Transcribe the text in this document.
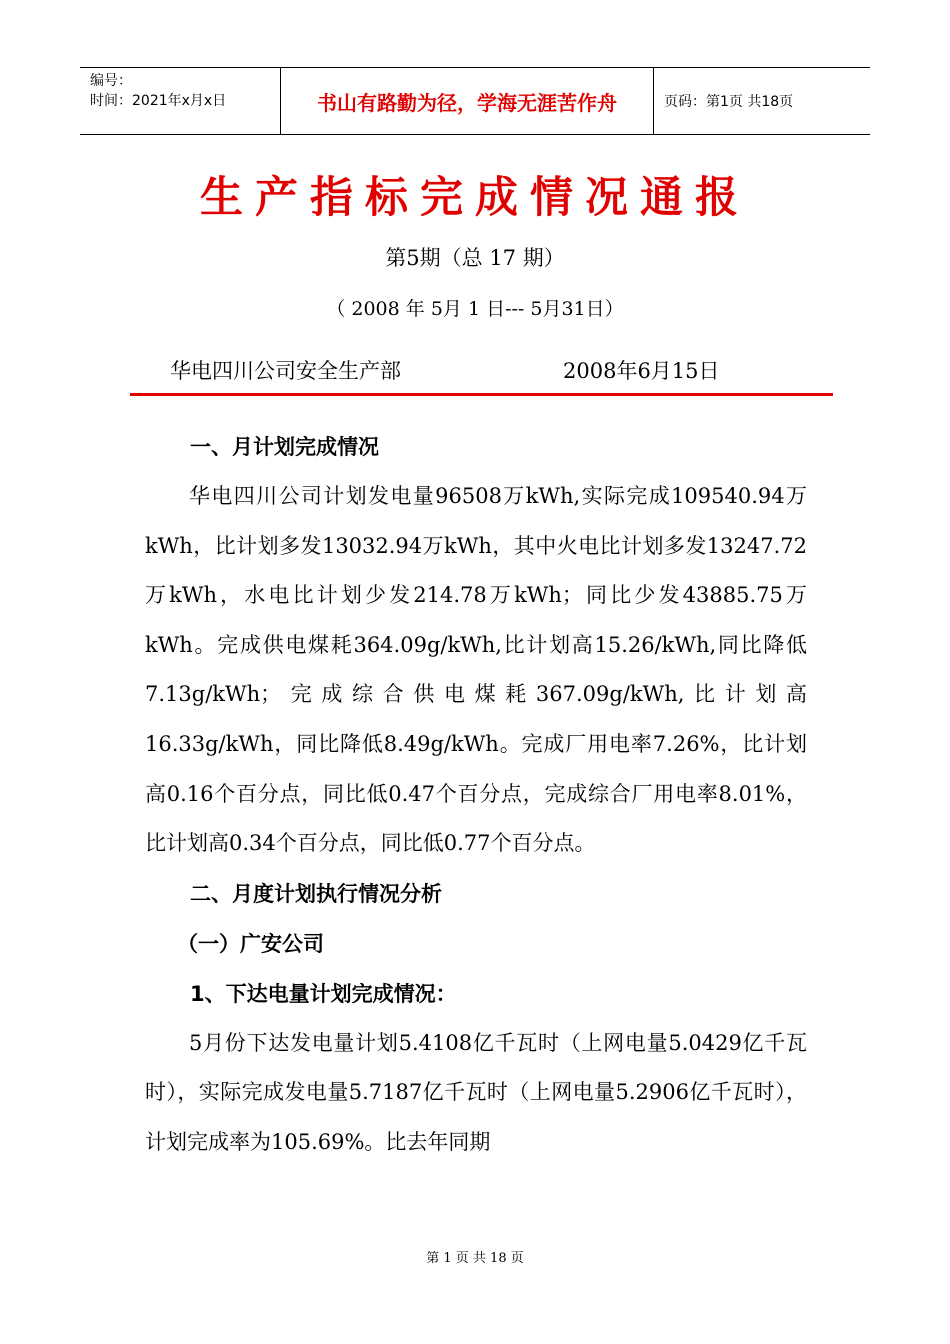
编号：
时间：2021年x月x日	书山有路勤为径，学海无涯苦作舟	页码：第1页 共18页
生产指标完成情况通报
第5期（总 17 期）
（ 2008 年 5月 1 日--- 5月31日）
华电四川公司安全生产部	2008年6月15日

一、月计划完成情况

华电四川公司计划发电量96508万kWh,实际完成109540.94万kWh，比计划多发13032.94万kWh，其中火电比计划多发13247.72万kWh，水电比计划少发214.78万kWh；同比少发43885.75万kWh。完成供电煤耗364.09g/kWh,比计划高15.26/kWh,同比降低7.13g/kWh；完成综合供电煤耗367.09g/kWh,比计划高16.33g/kWh，同比降低8.49g/kWh。完成厂用电率7.26%，比计划高0.16个百分点，同比低0.47个百分点，完成综合厂用电率8.01%，比计划高0.34个百分点，同比低0.77个百分点。

二、月度计划执行情况分析

（一）广安公司

1、下达电量计划完成情况：

5月份下达发电量计划5.4108亿千瓦时（上网电量5.0429亿千瓦时），实际完成发电量5.7187亿千瓦时（上网电量5.2906亿千瓦时），计划完成率为105.69%。比去年同期

第 1 页 共 18 页
